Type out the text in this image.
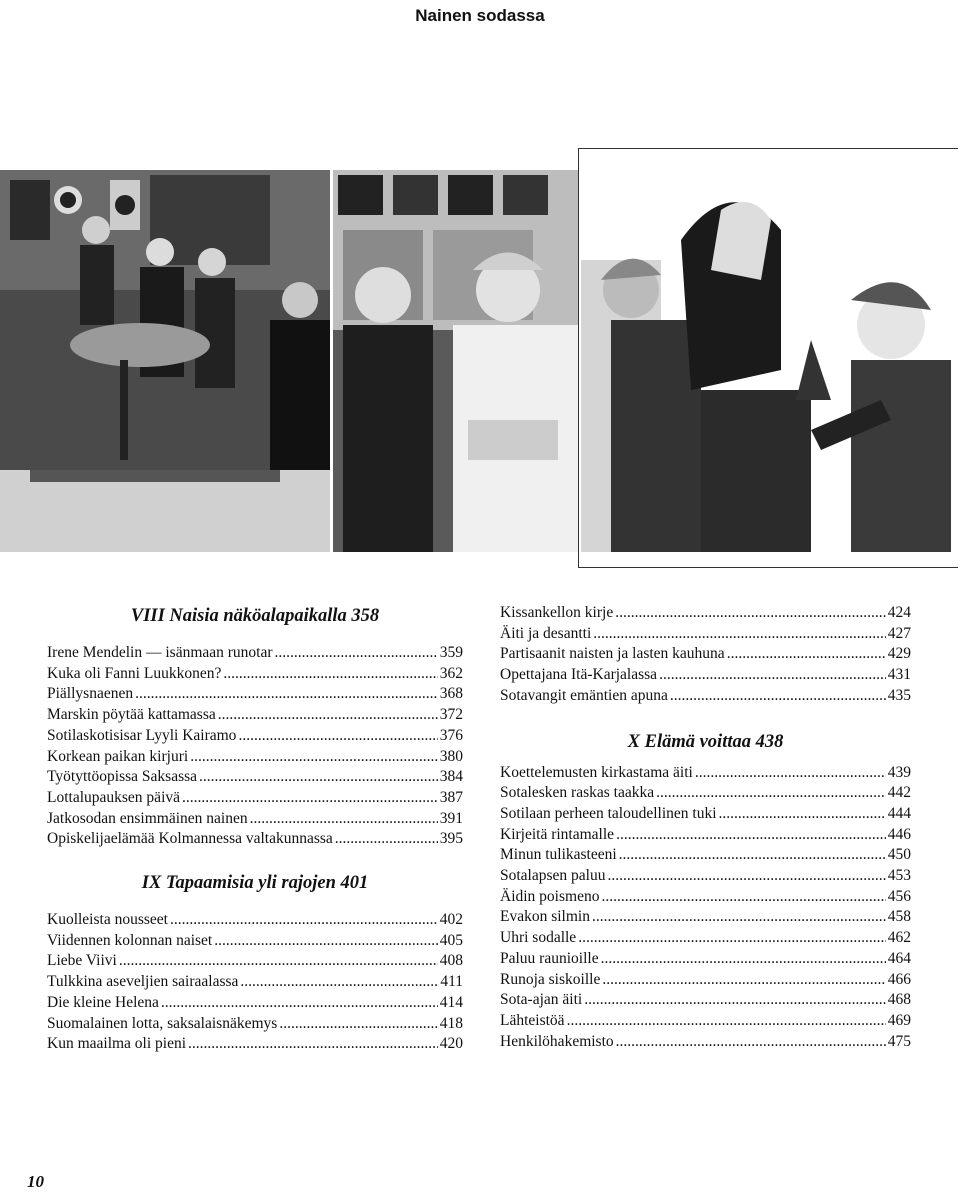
Nainen sodassa

VIII Naisia näköalapaikalla 358

Irene Mendelin — isänmaan runotar .....	359
Kuka oli Fanni Luukkonen? .....	362
Piällysnaenen .....	368
Marskin pöytää kattamassa .....	372
Sotilaskotisisar Lyyli Kairamo .....	376
Korkean paikan kirjuri .....	380
Työtyttöopissa Saksassa .....	384
Lottalupauksen päivä .....	387
Jatkosodan ensimmäinen nainen .....	391
Opiskelijaelämää Kolmannessa valtakunnassa .....	395

IX Tapaamisia yli rajojen 401

Kuolleista nousseet .....	402
Viidennen kolonnan naiset .....	405
Liebe Viivi .....	408
Tulkkina aseveljien sairaalassa .....	411
Die kleine Helena .....	414
Suomalainen lotta, saksalaisnäkemys .....	418
Kun maailma oli pieni .....	420
Kissankellon kirje .....	424
Äiti ja desantti .....	427
Partisaanit naisten ja lasten kauhuna .....	429
Opettajana Itä-Karjalassa .....	431
Sotavangit emäntien apuna .....	435

X Elämä voittaa 438

Koettelemusten kirkastama äiti .....	439
Sotalesken raskas taakka .....	442
Sotilaan perheen taloudellinen tuki .....	444
Kirjeitä rintamalle .....	446
Minun tulikasteeni .....	450
Sotalapsen paluu .....	453
Äidin poismeno .....	456
Evakon silmin .....	458
Uhri sodalle .....	462
Paluu raunioille .....	464
Runoja siskoille .....	466
Sota-ajan äiti .....	468
Lähteistöä .....	469
Henkilöhakemisto .....	475
10
